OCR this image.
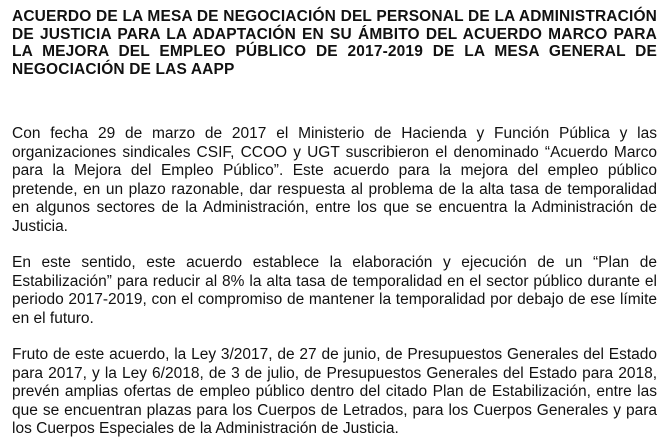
ACUERDO DE LA MESA DE NEGOCIACIÓN DEL PERSONAL DE LA ADMINISTRACIÓN DE JUSTICIA PARA LA ADAPTACIÓN EN SU ÁMBITO DEL ACUERDO MARCO PARA LA MEJORA DEL EMPLEO PÚBLICO DE 2017-2019 DE LA MESA GENERAL DE NEGOCIACIÓN DE LAS AAPP

Con fecha 29 de marzo de 2017 el Ministerio de Hacienda y Función Pública y las organizaciones sindicales CSIF, CCOO y UGT suscribieron el denominado “Acuerdo Marco para la Mejora del Empleo Público”. Este acuerdo para la mejora del empleo público pretende, en un plazo razonable, dar respuesta al problema de la alta tasa de temporalidad en algunos sectores de la Administración, entre los que se encuentra la Administración de Justicia.

En este sentido, este acuerdo establece la elaboración y ejecución de un “Plan de Estabilización” para reducir al 8% la alta tasa de temporalidad en el sector público durante el periodo 2017-2019, con el compromiso de mantener la temporalidad por debajo de ese límite en el futuro.

Fruto de este acuerdo, la Ley 3/2017, de 27 de junio, de Presupuestos Generales del Estado para 2017, y la Ley 6/2018, de 3 de julio, de Presupuestos Generales del Estado para 2018, prevén amplias ofertas de empleo público dentro del citado Plan de Estabilización, entre las que se encuentran plazas para los Cuerpos de Letrados, para los Cuerpos Generales y para los Cuerpos Especiales de la Administración de Justicia.
